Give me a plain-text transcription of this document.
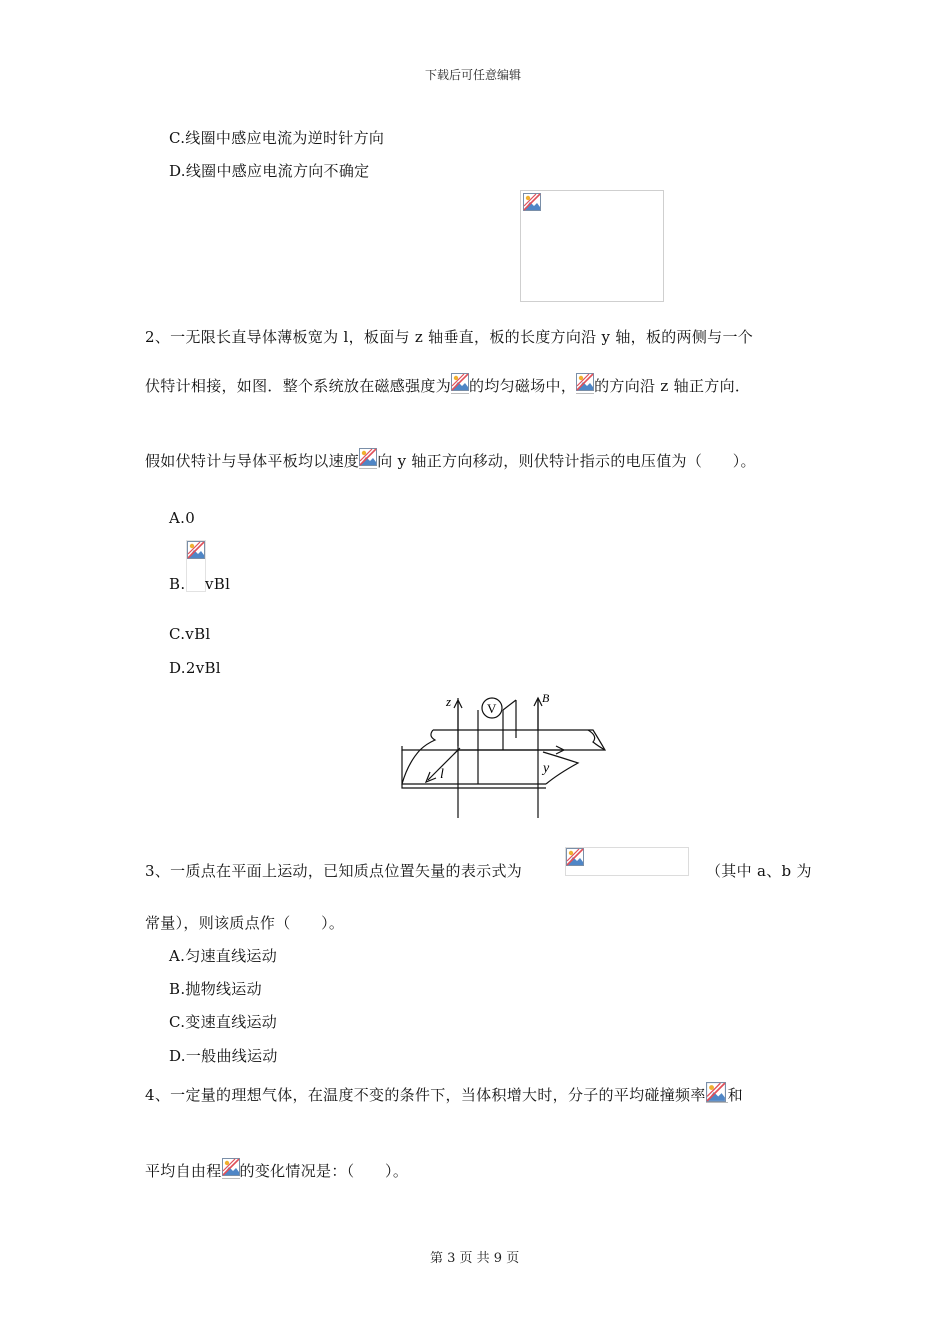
下载后可任意编辑
C.线圈中感应电流为逆时针方向
D.线圈中感应电流方向不确定
2、一无限长直导体薄板宽为 l，板面与 z 轴垂直，板的长度方向沿 y 轴，板的两侧与一个
伏特计相接，如图．整个系统放在磁感强度为 的均匀磁场中， 的方向沿 z 轴正方向．
假如伏特计与导体平板均以速度 向 y 轴正方向移动，则伏特计指示的电压值为（　　）。
A.0
B. vBl
C.vBl
D.2vBl
V
z	B
l	y
3、一质点在平面上运动，已知质点位置矢量的表示式为	（其中 a、b 为
常量），则该质点作（　　）。
A.匀速直线运动
B.抛物线运动
C.变速直线运动
D.一般曲线运动
4、一定量的理想气体，在温度不变的条件下，当体积增大时，分子的平均碰撞频率 和
平均自由程 的变化情况是：（　　）。
第 3 页 共 9 页
